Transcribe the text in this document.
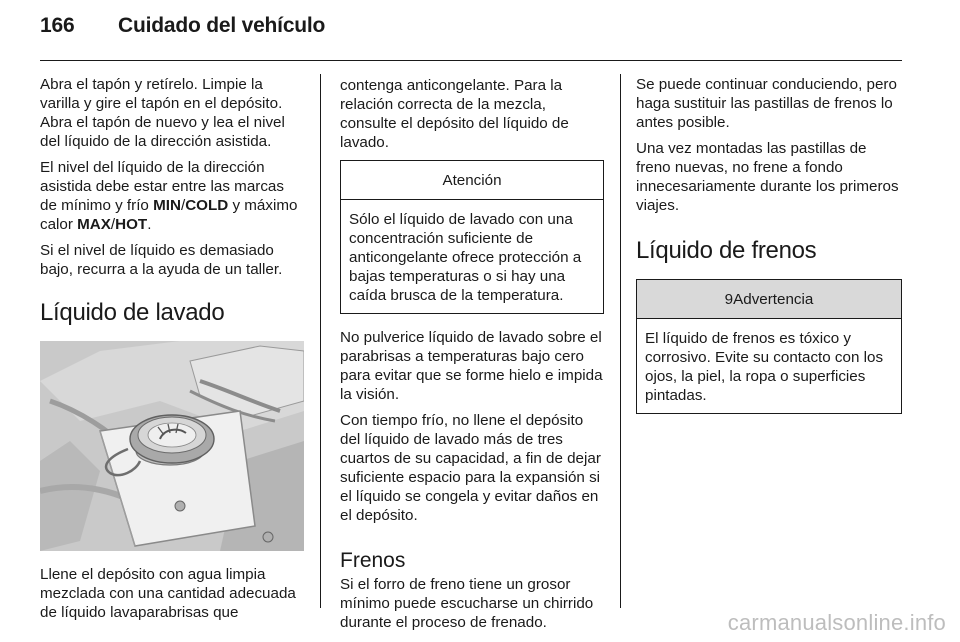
166 Cuidado del vehículo

Abra el tapón y retírelo. Limpie la varilla y gire el tapón en el depósito. Abra el tapón de nuevo y lea el nivel del líquido de la dirección asistida.

El nivel del líquido de la dirección asistida debe estar entre las marcas de mínimo y frío MIN/COLD y máximo calor MAX/HOT.

Si el nivel de líquido es demasiado bajo, recurra a la ayuda de un taller.

Líquido de lavado

Llene el depósito con agua limpia mezclada con una cantidad adecuada de líquido lavaparabrisas que

contenga anticongelante. Para la relación correcta de la mezcla, consulte el depósito del líquido de lavado.

Atención

Sólo el líquido de lavado con una concentración suficiente de anticongelante ofrece protección a bajas temperaturas o si hay una caída brusca de la temperatura.

No pulverice líquido de lavado sobre el parabrisas a temperaturas bajo cero para evitar que se forme hielo e impida la visión.

Con tiempo frío, no llene el depósito del líquido de lavado más de tres cuartos de su capacidad, a fin de dejar suficiente espacio para la expansión si el líquido se congela y evitar daños en el depósito.

Frenos

Si el forro de freno tiene un grosor mínimo puede escucharse un chirrido durante el proceso de frenado.

Se puede continuar conduciendo, pero haga sustituir las pastillas de frenos lo antes posible.

Una vez montadas las pastillas de freno nuevas, no frene a fondo innecesariamente durante los primeros viajes.

Líquido de frenos
9Advertencia

El líquido de frenos es tóxico y corrosivo. Evite su contacto con los ojos, la piel, la ropa o superficies pintadas.

carmanualsonline.info
